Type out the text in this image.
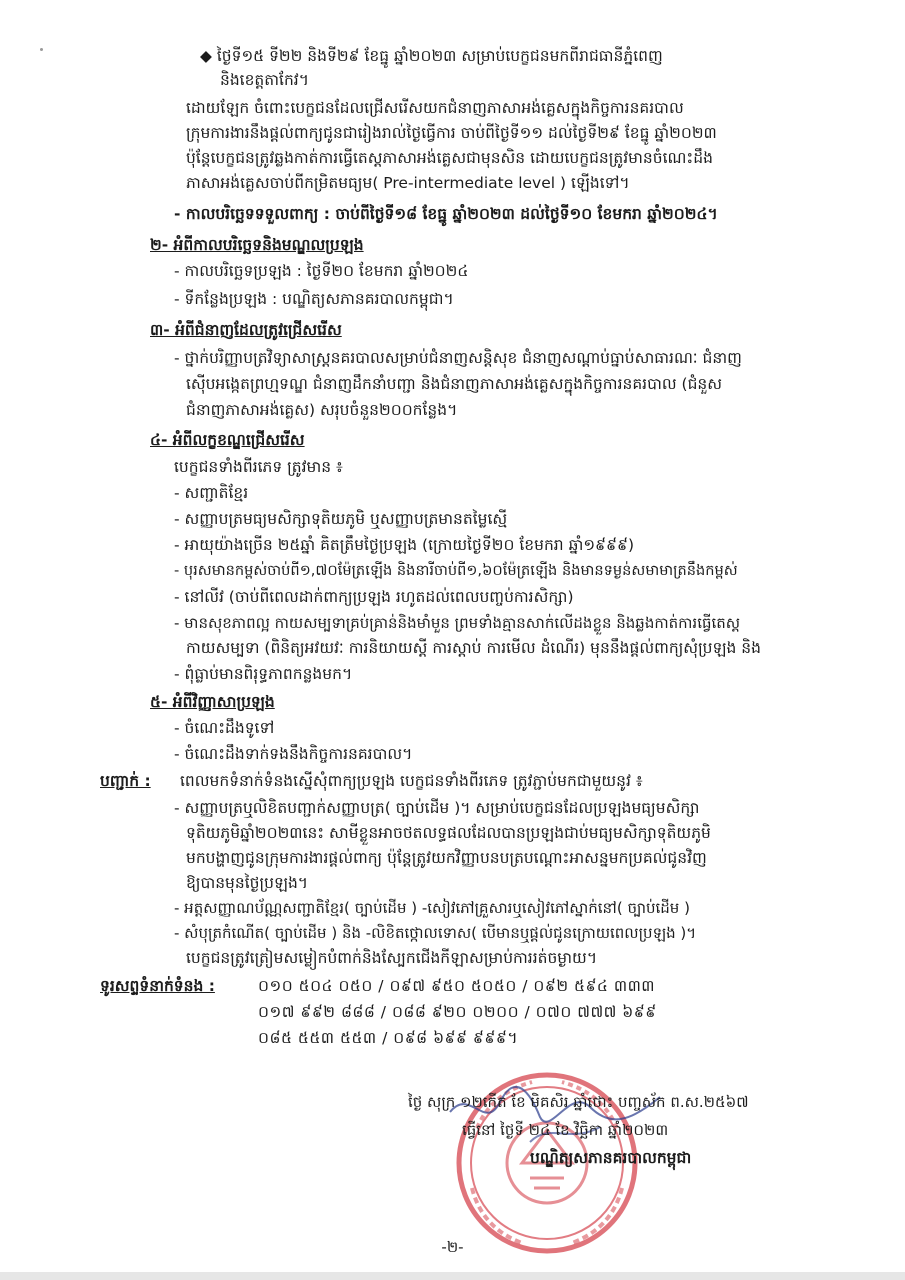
◆ ថ្ងៃទី១៥ ទី២២ និងទី២៩ ខែធ្នូ ឆ្នាំ២០២៣ សម្រាប់បេក្ខជនមកពីរាជធានីភ្នំពេញ
និងខេត្តតាកែវ។
ដោយឡែក ចំពោះបេក្ខជនដែលជ្រើសរើសយកជំនាញភាសាអង់គ្លេសក្នុងកិច្ចការនគរបាល
ក្រុមការងារនឹងផ្តល់ពាក្យជូនជារៀងរាល់ថ្ងៃធ្វើការ ចាប់ពីថ្ងៃទី១១ ដល់ថ្ងៃទី២៩ ខែធ្នូ ឆ្នាំ២០២៣
ប៉ុន្តែបេក្ខជនត្រូវឆ្លងកាត់ការធ្វើតេស្តភាសាអង់គ្លេសជាមុនសិន ដោយបេក្ខជនត្រូវមានចំណេះដឹង
ភាសាអង់គ្លេសចាប់ពីកម្រិតមធ្យម( Pre-intermediate level ) ឡើងទៅ។
- កាលបរិច្ឆេទទទួលពាក្យ : ចាប់ពីថ្ងៃទី១៨ ខែធ្នូ ឆ្នាំ២០២៣ ដល់ថ្ងៃទី១០ ខែមករា ឆ្នាំ២០២៤។
២- អំពីកាលបរិច្ឆេទនិងមណ្ឌលប្រឡង
- កាលបរិច្ឆេទប្រឡង : ថ្ងៃទី២០ ខែមករា ឆ្នាំ២០២៤
- ទីកន្លែងប្រឡង : បណ្ឌិត្យសភានគរបាលកម្ពុជា។
៣- អំពីជំនាញដែលត្រូវជ្រើសរើស
- ថ្នាក់បរិញ្ញាបត្រវិទ្យាសាស្ត្រនគរបាលសម្រាប់ជំនាញសន្តិសុខ ជំនាញសណ្តាប់ធ្នាប់សាធារណៈ ជំនាញ
ស៊ើបអង្កេតព្រហ្មទណ្ឌ ជំនាញដឹកនាំបញ្ជា និងជំនាញភាសាអង់គ្លេសក្នុងកិច្ចការនគរបាល (ជំនួស
ជំនាញភាសាអង់គ្លេស) សរុបចំនួន២០០កន្លែង។
៤- អំពីលក្ខខណ្ឌជ្រើសរើស
បេក្ខជនទាំងពីរភេទ ត្រូវមាន ៖
- សញ្ជាតិខ្មែរ
- សញ្ញាបត្រមធ្យមសិក្សាទុតិយភូមិ ឬសញ្ញាបត្រមានតម្លៃស្មើ
- អាយុយ៉ាងច្រើន ២៥ឆ្នាំ គិតត្រឹមថ្ងៃប្រឡង (ក្រោយថ្ងៃទី២០ ខែមករា ឆ្នាំ១៩៩៩)
- បុរសមានកម្ពស់ចាប់ពី១,៧០ម៉ែត្រឡើង និងនារីចាប់ពី១,៦០ម៉ែត្រឡើង និងមានទម្ងន់សមាមាត្រនឹងកម្ពស់
- នៅលីវ (ចាប់ពីពេលដាក់ពាក្យប្រឡង រហូតដល់ពេលបញ្ចប់ការសិក្សា)
- មានសុខភាពល្អ កាយសម្បទាគ្រប់គ្រាន់និងមាំមួន ព្រមទាំងគ្មានសាក់លើដងខ្លួន និងឆ្លងកាត់ការធ្វើតេស្ត
កាយសម្បទា (ពិនិត្យអវយវៈ ការនិយាយស្តី ការស្តាប់ ការមើល ដំណើរ) មុននឹងផ្តល់ពាក្យសុំប្រឡង និង
- ពុំធ្លាប់មានពិរុទ្ធភាពកន្លងមក។
៥- អំពីវិញ្ញាសាប្រឡង
- ចំណេះដឹងទូទៅ
- ចំណេះដឹងទាក់ទងនឹងកិច្ចការនគរបាល។
បញ្ជាក់ : ពេលមកទំនាក់ទំនងស្នើសុំពាក្យប្រឡង បេក្ខជនទាំងពីរភេទ ត្រូវភ្ជាប់មកជាមួយនូវ ៖
- សញ្ញាបត្រឬលិខិតបញ្ជាក់សញ្ញាបត្រ( ច្បាប់ដើម )។ សម្រាប់បេក្ខជនដែលប្រឡងមធ្យមសិក្សា
ទុតិយភូមិឆ្នាំ២០២៣នេះ សាមីខ្លួនអាចថតលទ្ធផលដែលបានប្រឡងជាប់មធ្យមសិក្សាទុតិយភូមិ
មកបង្ហាញជូនក្រុមការងារផ្តល់ពាក្យ ប៉ុន្តែត្រូវយកវិញ្ញាបនបត្របណ្តោះអាសន្នមកប្រគល់ជូនវិញ
ឱ្យបានមុនថ្ងៃប្រឡង។
- អត្តសញ្ញាណប័ណ្ណសញ្ជាតិខ្មែរ( ច្បាប់ដើម ) -សៀវភៅគ្រួសារឬសៀវភៅស្នាក់នៅ( ច្បាប់ដើម )
- សំបុត្រកំណើត( ច្បាប់ដើម ) និង -លិខិតថ្កោលទោស( បើមានឬផ្តល់ជូនក្រោយពេលប្រឡង )។
បេក្ខជនត្រូវត្រៀមសម្លៀកបំពាក់និងស្បែកជើងកីឡាសម្រាប់ការរត់ចម្ងាយ។
ទូរសព្ទទំនាក់ទំនង :	០១០ ៥០៤ ០៥០ / ០៩៧ ៩៥០ ៥០៥០ / ០៩២ ៥៩៤ ៣៣៣
០១៧ ៩៩២ ៨៨៨ / ០៨៨ ៩២០ ០២០០ / ០៧០ ៧៧៧ ៦៩៩
០៨៥ ៥៥៣ ៥៥៣ / ០៩៨ ៦៩៩ ៩៩៩។
ថ្ងៃ សុក្រ ១២កើត ខែ មិគសិរ ឆ្នាំថោះ បញ្ចស័ក ព.ស.២៥៦៧
ធ្វើនៅ ថ្ងៃទី ២៤ ខែ វិច្ឆិកា ឆ្នាំ២០២៣
បណ្ឌិត្យសភានគរបាលកម្ពុជា
-២-
